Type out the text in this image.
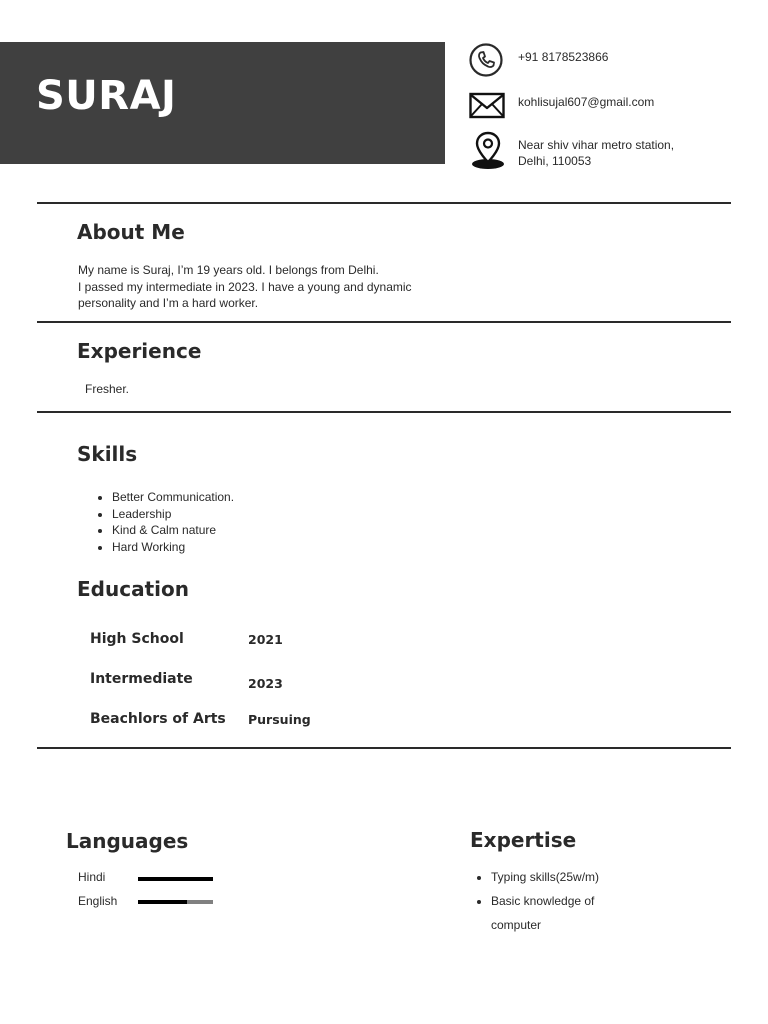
SURAJ
+91 8178523866
kohlisujal607@gmail.com
Near shiv vihar metro station,
Delhi, 110053
About Me
My name is Suraj, I’m 19 years old. I belongs from Delhi.
I passed my intermediate in 2023. I have a young and dynamic
personality and I’m a hard worker.
Experience
Fresher.
Skills
• Better Communication.
• Leadership
• Kind & Calm nature
• Hard Working
Education
High School	2021
Intermediate	2023
Beachlors of Arts Pursuing
Languages
Hindi
English
Expertise
• Typing skills(25w/m)
• Basic knowledge of
computer
